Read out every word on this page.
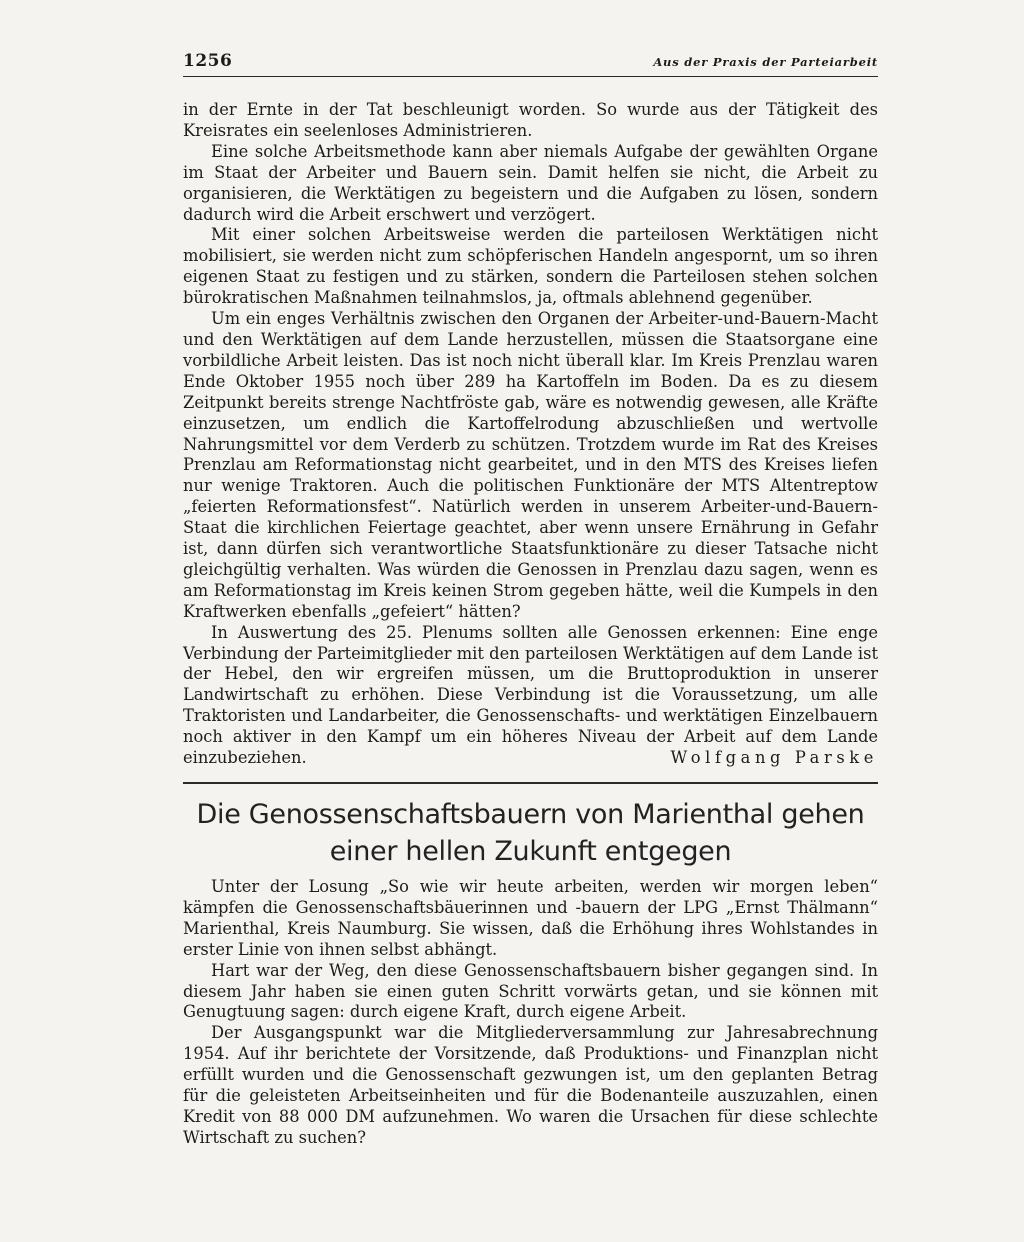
1256	Aus der Praxis der Parteiarbeit

in der Ernte in der Tat beschleunigt worden. So wurde aus der Tätigkeit des Kreisrates ein seelenloses Administrieren.

Eine solche Arbeitsmethode kann aber niemals Aufgabe der gewählten Organe im Staat der Arbeiter und Bauern sein. Damit helfen sie nicht, die Arbeit zu organisieren, die Werktätigen zu begeistern und die Aufgaben zu lösen, sondern dadurch wird die Arbeit erschwert und verzögert.

Mit einer solchen Arbeitsweise werden die parteilosen Werktätigen nicht mobilisiert, sie werden nicht zum schöpferischen Handeln angespornt, um so ihren eigenen Staat zu festigen und zu stärken, sondern die Parteilosen stehen solchen bürokratischen Maßnahmen teilnahmslos, ja, oftmals ablehnend gegenüber.

Um ein enges Verhältnis zwischen den Organen der Arbeiter-und-Bauern-Macht und den Werktätigen auf dem Lande herzustellen, müssen die Staatsorgane eine vorbildliche Arbeit leisten. Das ist noch nicht überall klar. Im Kreis Prenzlau waren Ende Oktober 1955 noch über 289 ha Kartoffeln im Boden. Da es zu diesem Zeitpunkt bereits strenge Nachtfröste gab, wäre es notwendig gewesen, alle Kräfte einzusetzen, um endlich die Kartoffelrodung abzuschließen und wertvolle Nahrungsmittel vor dem Verderb zu schützen. Trotzdem wurde im Rat des Kreises Prenzlau am Reformationstag nicht gearbeitet, und in den MTS des Kreises liefen nur wenige Traktoren. Auch die politischen Funktionäre der MTS Altentreptow „feierten Reformationsfest“. Natürlich werden in unserem Arbeiter-und-Bauern-Staat die kirchlichen Feiertage geachtet, aber wenn unsere Ernährung in Gefahr ist, dann dürfen sich verantwortliche Staatsfunktionäre zu dieser Tatsache nicht gleichgültig verhalten. Was würden die Genossen in Prenzlau dazu sagen, wenn es am Reformationstag im Kreis keinen Strom gegeben hätte, weil die Kumpels in den Kraftwerken ebenfalls „gefeiert“ hätten?

In Auswertung des 25. Plenums sollten alle Genossen erkennen: Eine enge Verbindung der Parteimitglieder mit den parteilosen Werktätigen auf dem Lande ist der Hebel, den wir ergreifen müssen, um die Bruttoproduktion in unserer Landwirtschaft zu erhöhen. Diese Verbindung ist die Voraussetzung, um alle Traktoristen und Landarbeiter, die Genossenschafts- und werktätigen Einzelbauern noch aktiver in den Kampf um ein höheres Niveau der Arbeit auf dem Lande einzubeziehen.	Wolfgang Parske

Die Genossenschaftsbauern von Marienthal gehen
einer hellen Zukunft entgegen

Unter der Losung „So wie wir heute arbeiten, werden wir morgen leben“ kämpfen die Genossenschaftsbäuerinnen und -bauern der LPG „Ernst Thälmann“ Marienthal, Kreis Naumburg. Sie wissen, daß die Erhöhung ihres Wohlstandes in erster Linie von ihnen selbst abhängt.

Hart war der Weg, den diese Genossenschaftsbauern bisher gegangen sind. In diesem Jahr haben sie einen guten Schritt vorwärts getan, und sie können mit Genugtuung sagen: durch eigene Kraft, durch eigene Arbeit.

Der Ausgangspunkt war die Mitgliederversammlung zur Jahresabrechnung 1954. Auf ihr berichtete der Vorsitzende, daß Produktions- und Finanzplan nicht erfüllt wurden und die Genossenschaft gezwungen ist, um den geplanten Betrag für die geleisteten Arbeitseinheiten und für die Bodenanteile auszuzahlen, einen Kredit von 88 000 DM aufzunehmen. Wo waren die Ursachen für diese schlechte Wirtschaft zu suchen?
